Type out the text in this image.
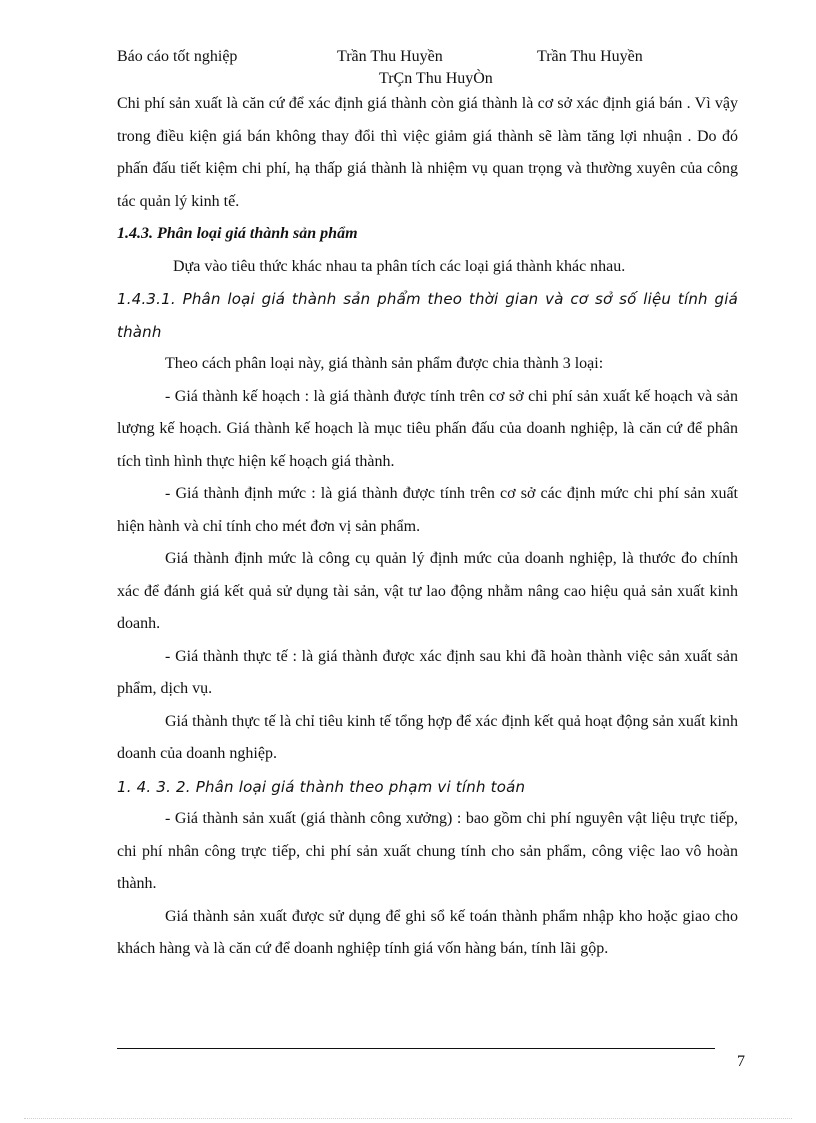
Báo cáo tốt nghiệp	Trần Thu Huyền	Trần Thu Huyền
TrÇn Thu HuyÒn

Chi phí sản xuất là căn cứ để xác định giá thành còn giá thành là cơ sở xác định giá bán . Vì vậy trong điều kiện giá bán không thay đổi thì việc giảm giá thành sẽ làm tăng lợi nhuận . Do đó phấn đấu tiết kiệm chi phí, hạ thấp giá thành là nhiệm vụ quan trọng và thường xuyên của công tác quản lý kinh tế.

1.4.3. Phân loại giá thành sản phẩm

Dựa vào tiêu thức khác nhau ta phân tích các loại giá thành khác nhau.

1.4.3.1. Phân loại giá thành sản phẩm theo thời gian và cơ sở số liệu tính giá thành

Theo cách phân loại này, giá thành sản phẩm được chia thành 3 loại:

- Giá thành kế hoạch : là giá thành được tính trên cơ sở chi phí sản xuất kế hoạch và sản lượng kế hoạch. Giá thành kế hoạch là mục tiêu phấn đấu của doanh nghiệp, là căn cứ để phân tích tình hình thực hiện kế hoạch giá thành.

- Giá thành định mức : là giá thành được tính trên cơ sở các định mức chi phí sản xuất hiện hành và chỉ tính cho mét đơn vị sản phẩm.

Giá thành định mức là công cụ quản lý định mức của doanh nghiệp, là thước đo chính xác để đánh giá kết quả sử dụng tài sản, vật tư lao động nhằm nâng cao hiệu quả sản xuất kinh doanh.

- Giá thành thực tế : là giá thành được xác định sau khi đã hoàn thành việc sản xuất sản phẩm, dịch vụ.

Giá thành thực tế là chỉ tiêu kinh tế tổng hợp để xác định kết quả hoạt động sản xuất kinh doanh của doanh nghiệp.

1. 4. 3. 2. Phân loại giá thành theo phạm vi tính toán

- Giá thành sản xuất (giá thành công xưởng) : bao gồm chi phí nguyên vật liệu trực tiếp, chi phí nhân công trực tiếp, chi phí sản xuất chung tính cho sản phẩm, công việc lao vô hoàn thành.

Giá thành sản xuất được sử dụng để ghi sổ kế toán thành phẩm nhập kho hoặc giao cho khách hàng và là căn cứ để doanh nghiệp tính giá vốn hàng bán, tính lãi gộp.

7
